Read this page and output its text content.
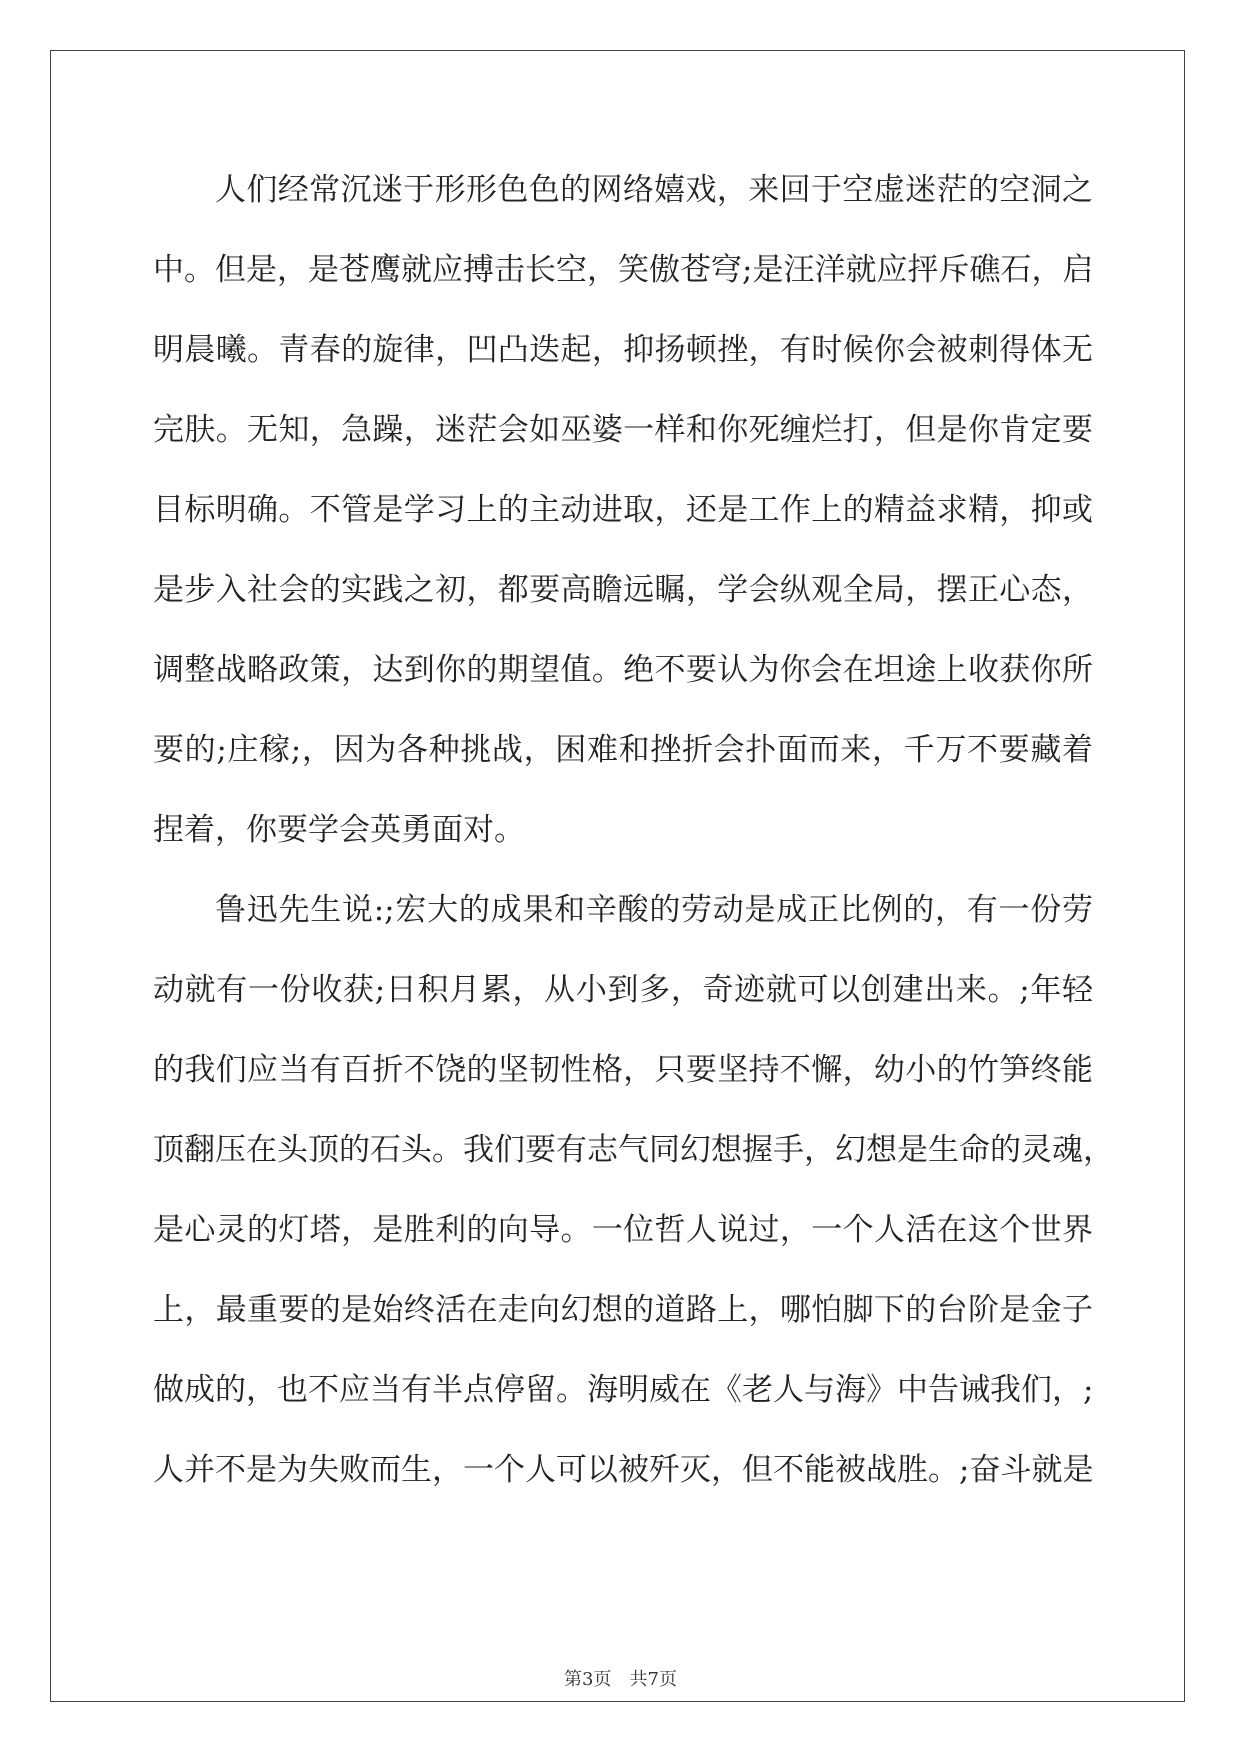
人们经常沉迷于形形色色的网络嬉戏，来回于空虚迷茫的空洞之
中。但是，是苍鹰就应搏击长空，笑傲苍穹;是汪洋就应抨斥礁石，启
明晨曦。青春的旋律，凹凸迭起，抑扬顿挫，有时候你会被刺得体无
完肤。无知，急躁，迷茫会如巫婆一样和你死缠烂打，但是你肯定要
目标明确。不管是学习上的主动进取，还是工作上的精益求精，抑或
是步入社会的实践之初，都要高瞻远瞩，学会纵观全局，摆正心态，
调整战略政策，达到你的期望值。绝不要认为你会在坦途上收获你所
要的;庄稼;，因为各种挑战，困难和挫折会扑面而来，千万不要藏着
捏着，你要学会英勇面对。
鲁迅先生说:;宏大的成果和辛酸的劳动是成正比例的，有一份劳
动就有一份收获;日积月累，从小到多，奇迹就可以创建出来。;年轻
的我们应当有百折不饶的坚韧性格，只要坚持不懈，幼小的竹笋终能
顶翻压在头顶的石头。我们要有志气同幻想握手，幻想是生命的灵魂，
是心灵的灯塔，是胜利的向导。一位哲人说过，一个人活在这个世界
上，最重要的是始终活在走向幻想的道路上，哪怕脚下的台阶是金子
做成的，也不应当有半点停留。海明威在《老人与海》中告诫我们，;
人并不是为失败而生，一个人可以被歼灭，但不能被战胜。;奋斗就是
第3页　共7页
